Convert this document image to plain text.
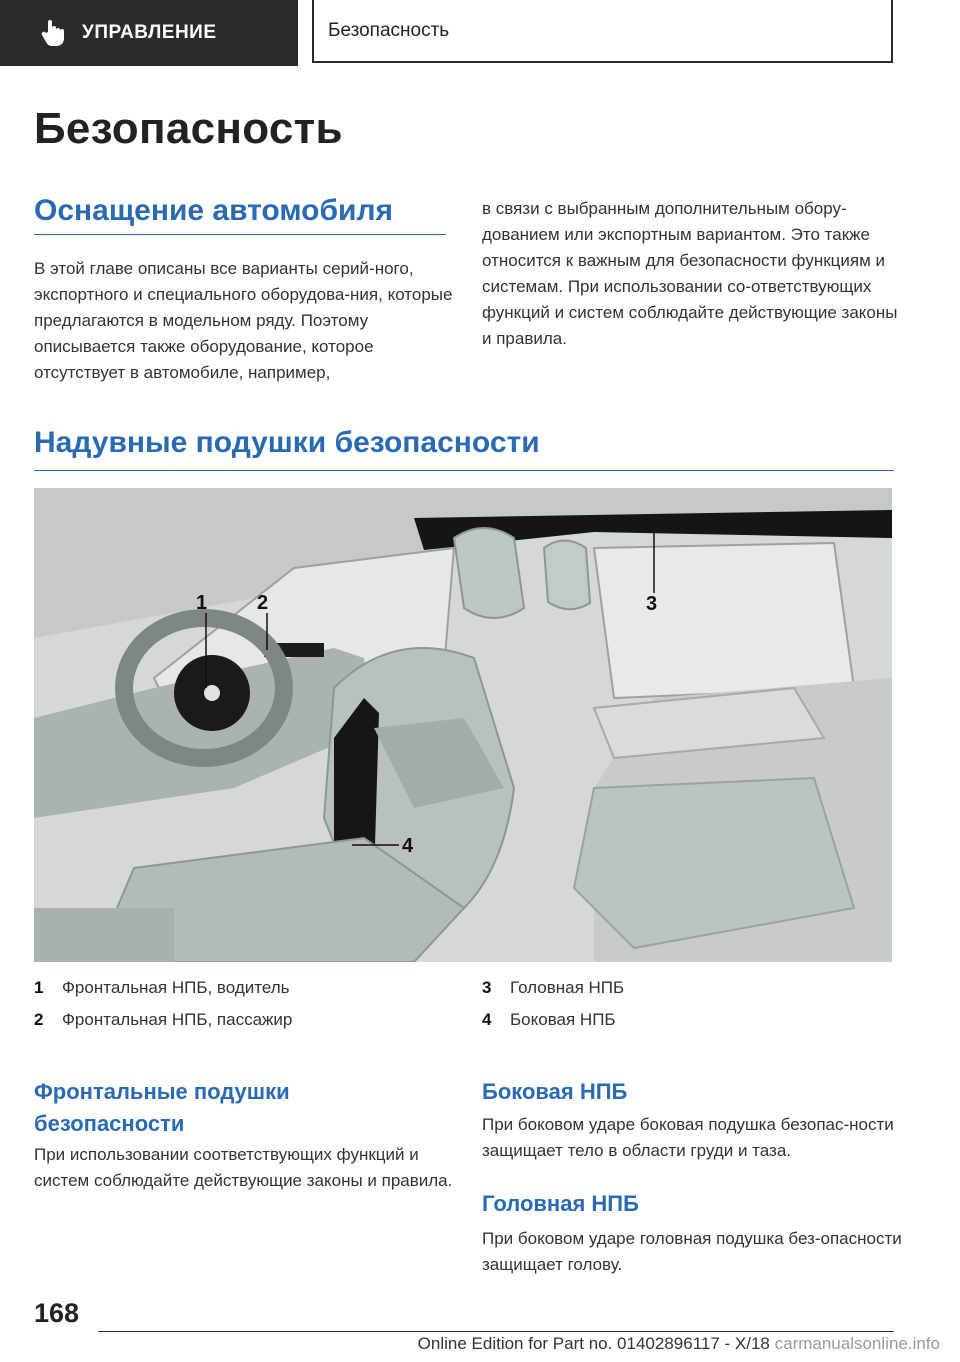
УПРАВЛЕНИЕ	Безопасность
Безопасность
Оснащение автомобиля

В этой главе описаны все варианты серий-ного, экспортного и специального оборудова-ния, которые предлагаются в модельном ряду. Поэтому описывается также оборудование, которое отсутствует в автомобиле, например,

в связи с выбранным дополнительным обору-дованием или экспортным вариантом. Это также относится к важным для безопасности функциям и системам. При использовании со-ответствующих функций и систем соблюдайте действующие законы и правила.

Надувные подушки безопасности
1 2	3
4
1	Фронтальная НПБ, водитель
2	Фронтальная НПБ, пассажир
3	Головная НПБ
4	Боковая НПБ
Фронтальные подушки
безопасности

При использовании соответствующих функций и систем соблюдайте действующие законы и правила.

Боковая НПБ

При боковом ударе боковая подушка безопас-ности защищает тело в области груди и таза.

Головная НПБ

При боковом ударе головная подушка без-опасности защищает голову.

168
Online Edition for Part no. 01402896117 - X/18 carmanualsonline.info
